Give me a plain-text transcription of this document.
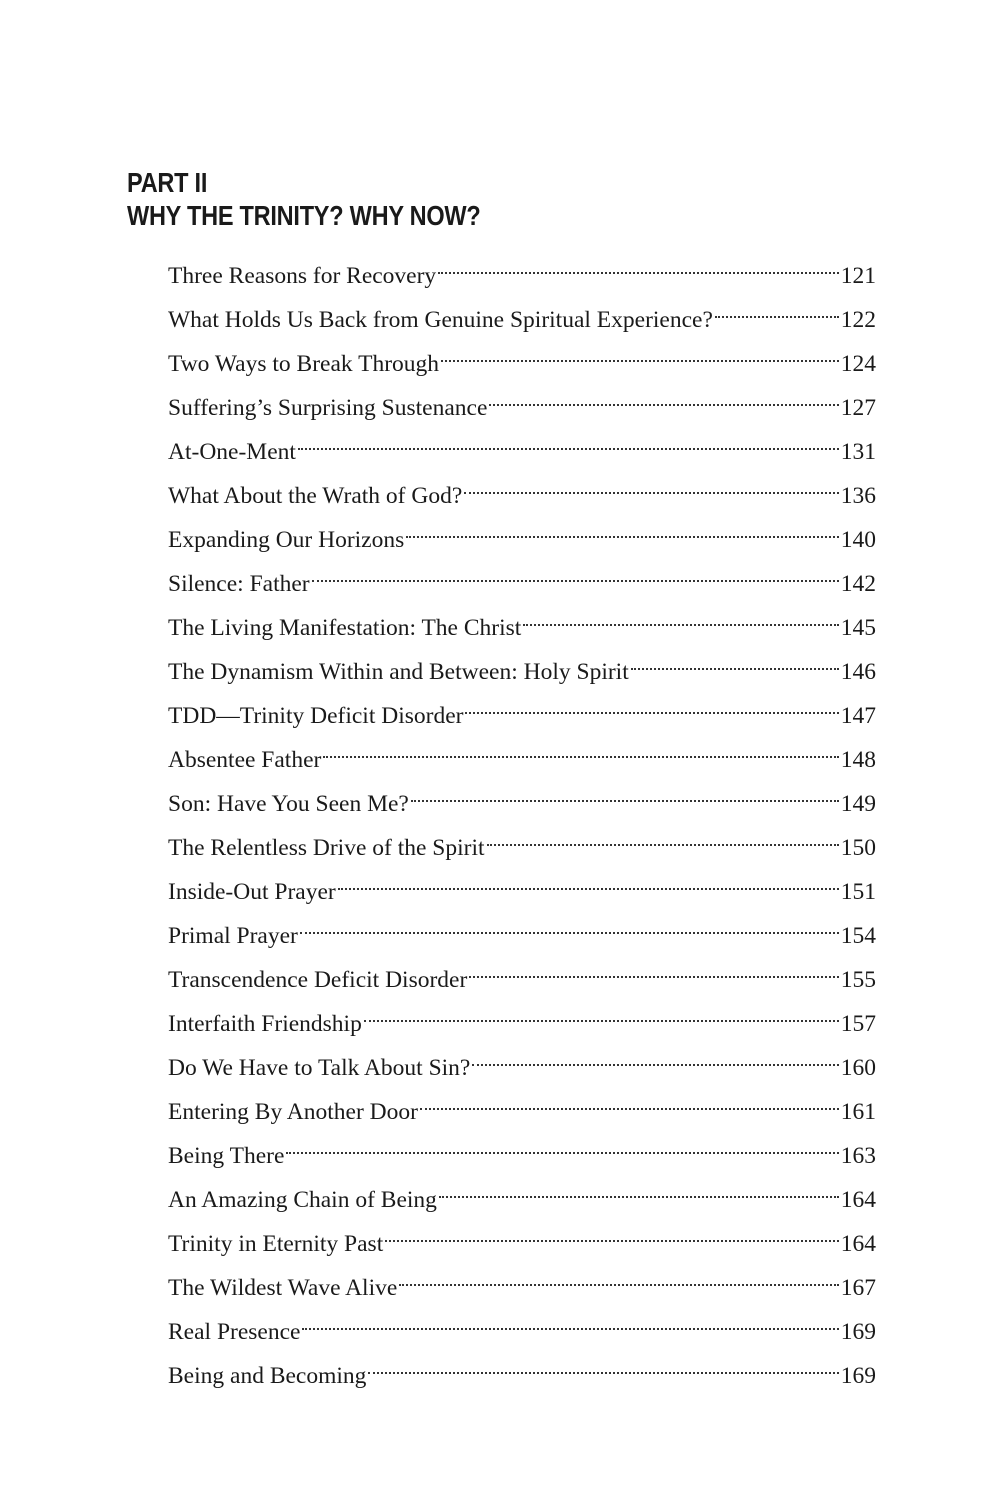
PART II
WHY THE TRINITY? WHY NOW?
Three Reasons for Recovery	121
What Holds Us Back from Genuine Spiritual Experience?	122
Two Ways to Break Through	124
Suffering’s Surprising Sustenance	127
At-One-Ment	131
What About the Wrath of God?	136
Expanding Our Horizons	140
Silence: Father	142
The Living Manifestation: The Christ	145
The Dynamism Within and Between: Holy Spirit	146
TDD—Trinity Deficit Disorder	147
Absentee Father	148
Son: Have You Seen Me?	149
The Relentless Drive of the Spirit	150
Inside-Out Prayer	151
Primal Prayer	154
Transcendence Deficit Disorder	155
Interfaith Friendship	157
Do We Have to Talk About Sin?	160
Entering By Another Door	161
Being There	163
An Amazing Chain of Being	164
Trinity in Eternity Past	164
The Wildest Wave Alive	167
Real Presence	169
Being and Becoming	169
